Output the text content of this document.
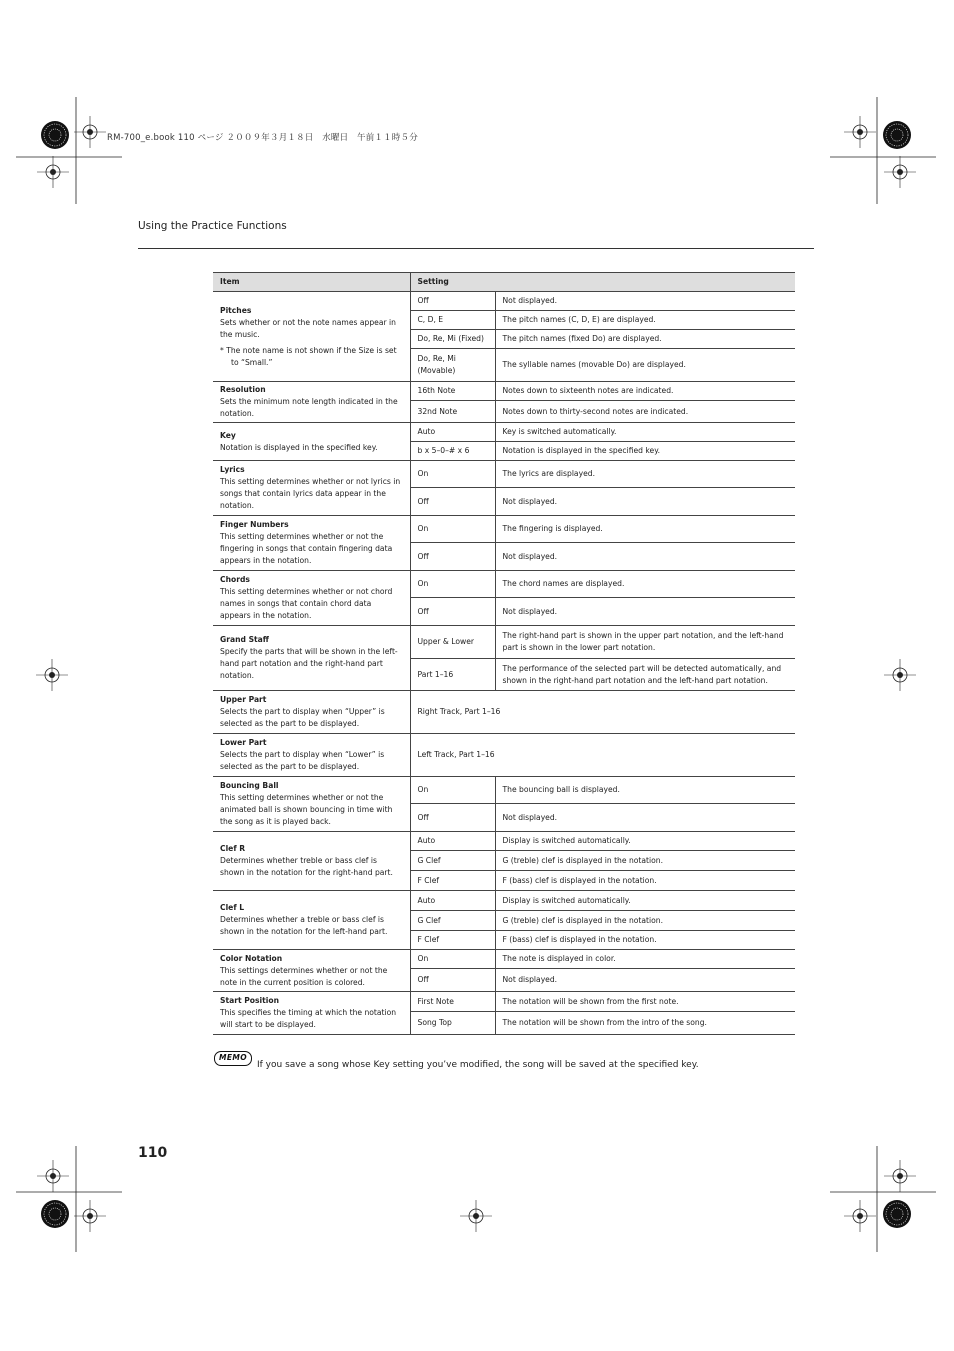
RM-700_e.book 110 ページ ２００９年３月１８日　水曜日　午前１１時５分
Using the Practice Functions
Item	Setting	

Pitches
Sets whether or not the note names appear in the music.
* The note name is not shown if the Size is set to “Small.”	Off	Not displayed.
	C, D, E	The pitch names (C, D, E) are displayed.
	Do, Re, Mi (Fixed)	The pitch names (fixed Do) are displayed.
	Do, Re, Mi (Movable)	The syllable names (movable Do) are displayed.

Resolution
Sets the minimum note length indicated in the notation.	16th Note	Notes down to sixteenth notes are indicated.
	32nd Note	Notes down to thirty-second notes are indicated.

Key
Notation is displayed in the specified key.	Auto	Key is switched automatically.
	b x 5–0–# x 6	Notation is displayed in the specified key.

Lyrics
This setting determines whether or not lyrics in songs that contain lyrics data appear in the notation.	On	The lyrics are displayed.
	Off	Not displayed.

Finger Numbers
This setting determines whether or not the fingering in songs that contain fingering data appears in the notation.	On	The fingering is displayed.
	Off	Not displayed.

Chords
This setting determines whether or not chord names in songs that contain chord data appears in the notation.	On	The chord names are displayed.
	Off	Not displayed.

Grand Staff
Specify the parts that will be shown in the left-hand part notation and the right-hand part notation.	Upper & Lower	The right-hand part is shown in the upper part notation, and the left-hand part is shown in the lower part notation.
	Part 1–16	The performance of the selected part will be detected automatically, and shown in the right-hand part notation and the left-hand part notation.

Upper Part
Selects the part to display when “Upper” is selected as the part to be displayed.	Right Track, Part 1–16	

Lower Part
Selects the part to display when “Lower” is selected as the part to be displayed.	Left Track, Part 1–16	

Bouncing Ball
This setting determines whether or not the animated ball is shown bouncing in time with the song as it is played back.	On	The bouncing ball is displayed.
	Off	Not displayed.

Clef R
Determines whether treble or bass clef is shown in the notation for the right-hand part.	Auto	Display is switched automatically.
	G Clef	G (treble) clef is displayed in the notation.
	F Clef	F (bass) clef is displayed in the notation.

Clef L
Determines whether a treble or bass clef is shown in the notation for the left-hand part.	Auto	Display is switched automatically.
	G Clef	G (treble) clef is displayed in the notation.
	F Clef	F (bass) clef is displayed in the notation.

Color Notation
This settings determines whether or not the note in the current position is colored.	On	The note is displayed in color.
	Off	Not displayed.

Start Position
This specifies the timing at which the notation will start to be displayed.	First Note	The notation will be shown from the first note.
	Song Top	The notation will be shown from the intro of the song.
MEMO
If you save a song whose Key setting you’ve modified, the song will be saved at the specified key.
110
